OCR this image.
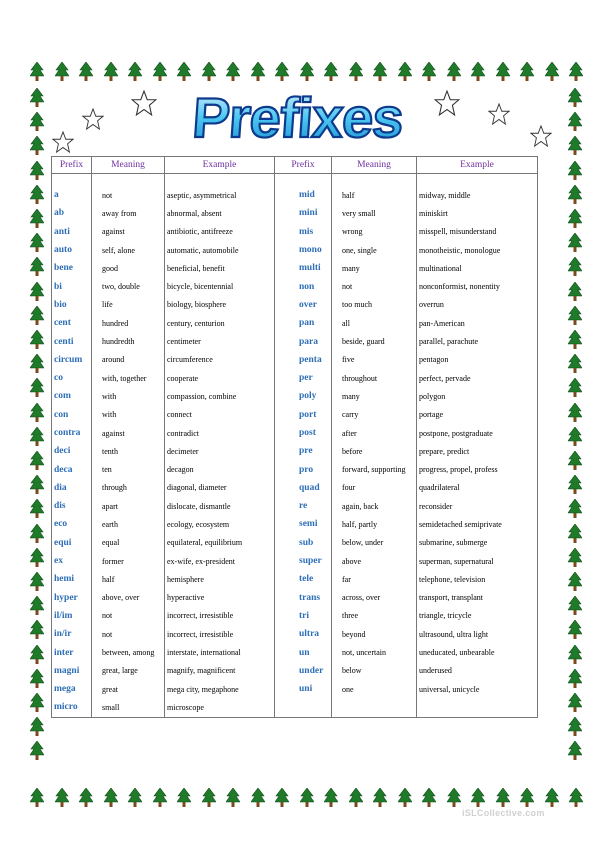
Prefixes
Prefix	Meaning	Example	Prefix	Meaning	Example

a	not	aseptic, asymmetrical	mid	half	midway, middle
ab	away from	abnormal, absent	mini	very small	miniskirt
anti	against	antibiotic, antifreeze	mis	wrong	misspell, misunderstand
auto	self, alone	automatic, automobile	mono	one, single	monotheistic, monologue
bene	good	beneficial, benefit	multi	many	multinational
bi	two, double	bicycle, bicentennial	non	not	nonconformist, nonentity
bio	life	biology, biosphere	over	too much	overrun
cent	hundred	century, centurion	pan	all	pan-American
centi	hundredth	centimeter	para	beside, guard	parallel, parachute
circum	around	circumference	penta	five	pentagon
co	with, together	cooperate	per	throughout	perfect, pervade
com	with	compassion, combine	poly	many	polygon
con	with	connect	port	carry	portage
contra	against	contradict	post	after	postpone, postgraduate
deci	tenth	decimeter	pre	before	prepare, predict
deca	ten	decagon	pro	forward, supporting	progress, propel, profess
dia	through	diagonal, diameter	quad	four	quadrilateral
dis	apart	dislocate, dismantle	re	again, back	reconsider
eco	earth	ecology, ecosystem	semi	half, partly	semidetached semiprivate
equi	equal	equilateral, equilibrium	sub	below, under	submarine, submerge
ex	former	ex-wife, ex-president	super	above	superman, supernatural
hemi	half	hemisphere	tele	far	telephone, television
hyper	above, over	hyperactive	trans	across, over	transport, transplant
il/im	not	incorrect, irresistible	tri	three	triangle, tricycle
in/ir	not	incorrect, irresistible	ultra	beyond	ultrasound, ultra light
inter	between, among	interstate, international	un	not, uncertain	uneducated, unbearable
magni	great, large	magnify, magnificent	under	below	underused
mega	great	mega city, megaphone	uni	one	universal, unicycle
micro	small	microscope			
iSLCollective.com
